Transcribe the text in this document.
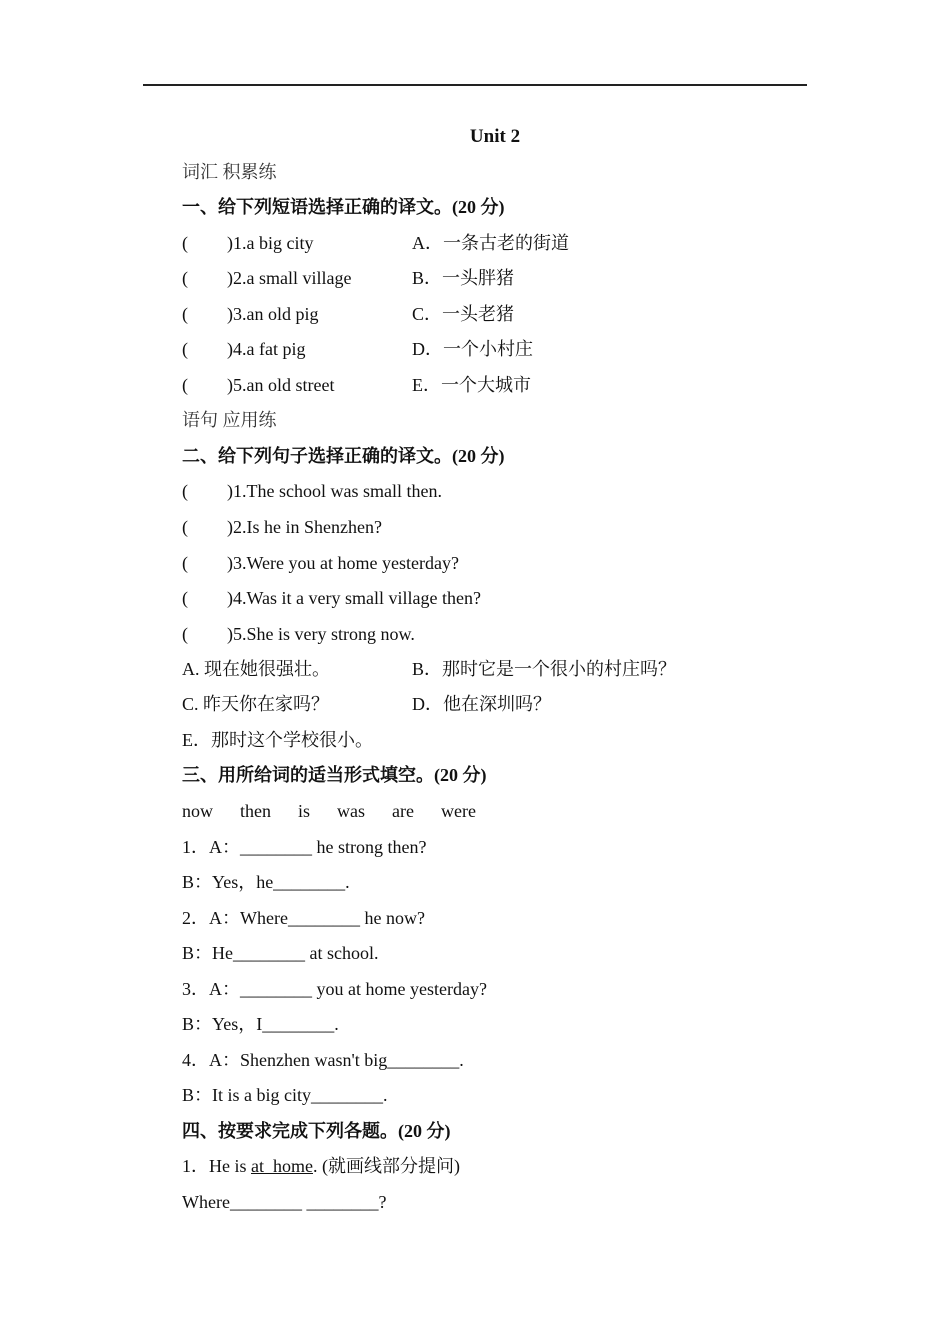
Unit 2
词汇 积累练
一、给下列短语选择正确的译文。(20 分)
( )1.a big city	A．一条古老的街道
( )2.a small village	B．一头胖猪
( )3.an old pig	C．一头老猪
( )4.a fat pig	D．一个小村庄
( )5.an old street	E．一个大城市
语句 应用练
二、给下列句子选择正确的译文。(20 分)
( )1.The school was small then.
( )2.Is he in Shenzhen?
( )3.Were you at home yesterday?
( )4.Was it a very small village then?
( )5.She is very strong now.
A. 现在她很强壮。	B．那时它是一个很小的村庄吗？
C. 昨天你在家吗？	D．他在深圳吗？
E．那时这个学校很小。
三、用所给词的适当形式填空。(20 分)
now then is was are were
1．A：________ he strong then?
B：Yes，he________.
2．A：Where________ he now?
B：He________ at school.
3．A：________ you at home yesterday?
B：Yes，I________.
4．A：Shenzhen wasn't big________.
B：It is a big city________.
四、按要求完成下列各题。(20 分)
1．He is at  home. (就画线部分提问)
Where________ ________?
